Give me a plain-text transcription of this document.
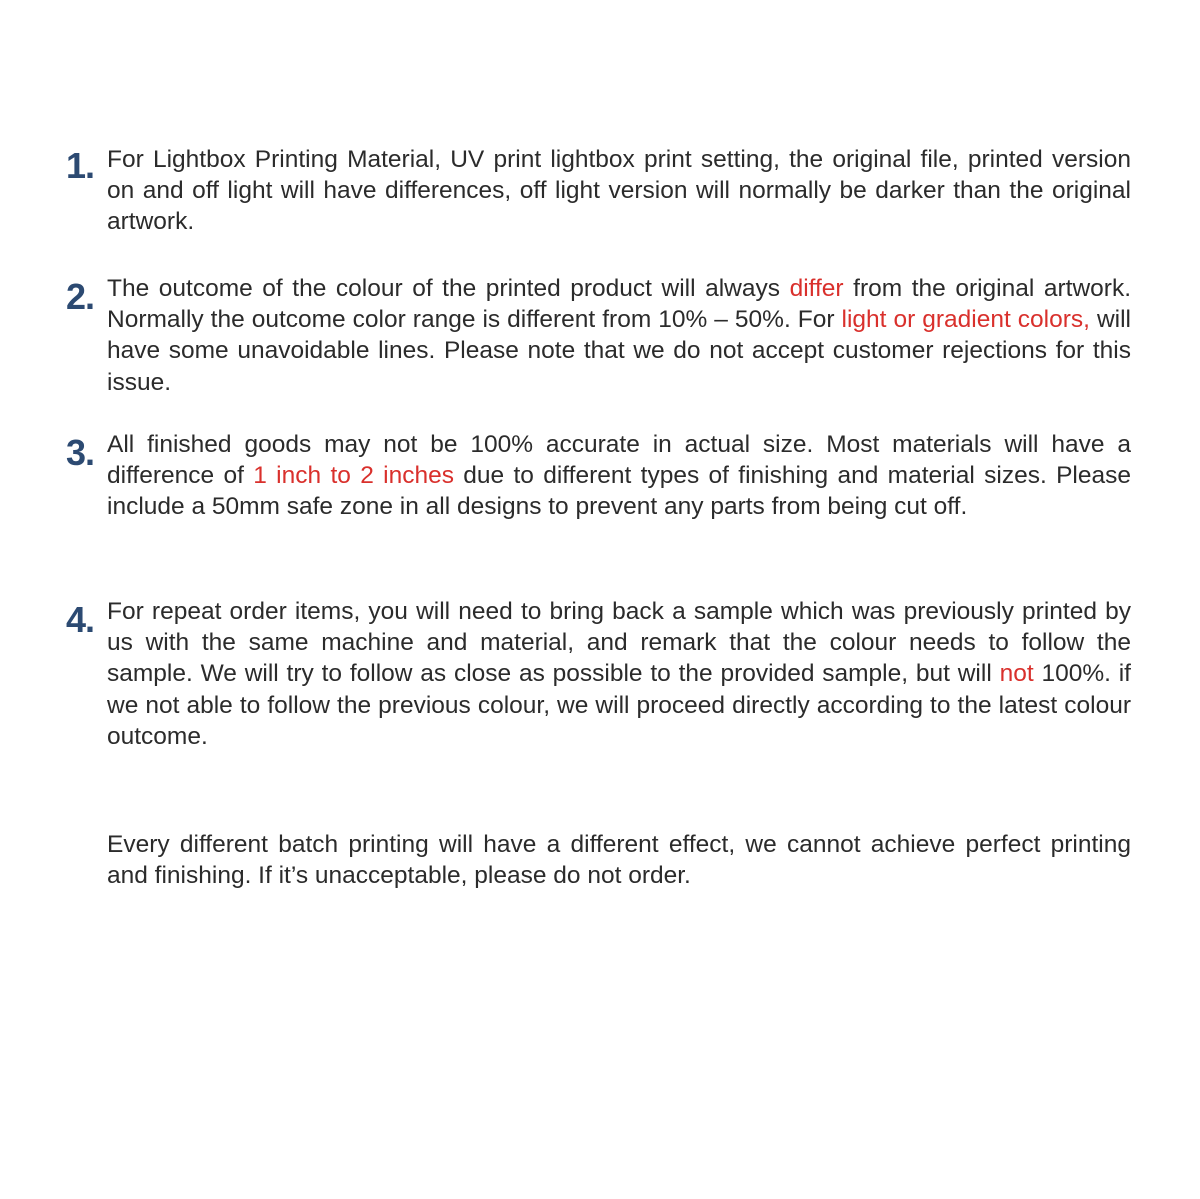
1. For Lightbox Printing Material, UV print lightbox print setting, the original file, printed version on and off light will have differences, off light version will normally be darker than the original artwork.
2. The outcome of the colour of the printed product will always differ from the original artwork. Normally the outcome color range is different from 10% – 50%. For light or gradient colors, will have some unavoidable lines. Please note that we do not accept customer rejections for this issue.
3. All finished goods may not be 100% accurate in actual size. Most materials will have a difference of 1 inch to 2 inches due to different types of finishing and material sizes. Please include a 50mm safe zone in all designs to prevent any parts from being cut off.
4. For repeat order items, you will need to bring back a sample which was previously printed by us with the same machine and material, and remark that the colour needs to follow the sample. We will try to follow as close as possible to the provided sample, but will not 100%. if we not able to follow the previous colour, we will proceed directly according to the latest colour outcome.
Every different batch printing will have a different effect, we cannot achieve perfect printing and finishing. If it’s unacceptable, please do not order.
